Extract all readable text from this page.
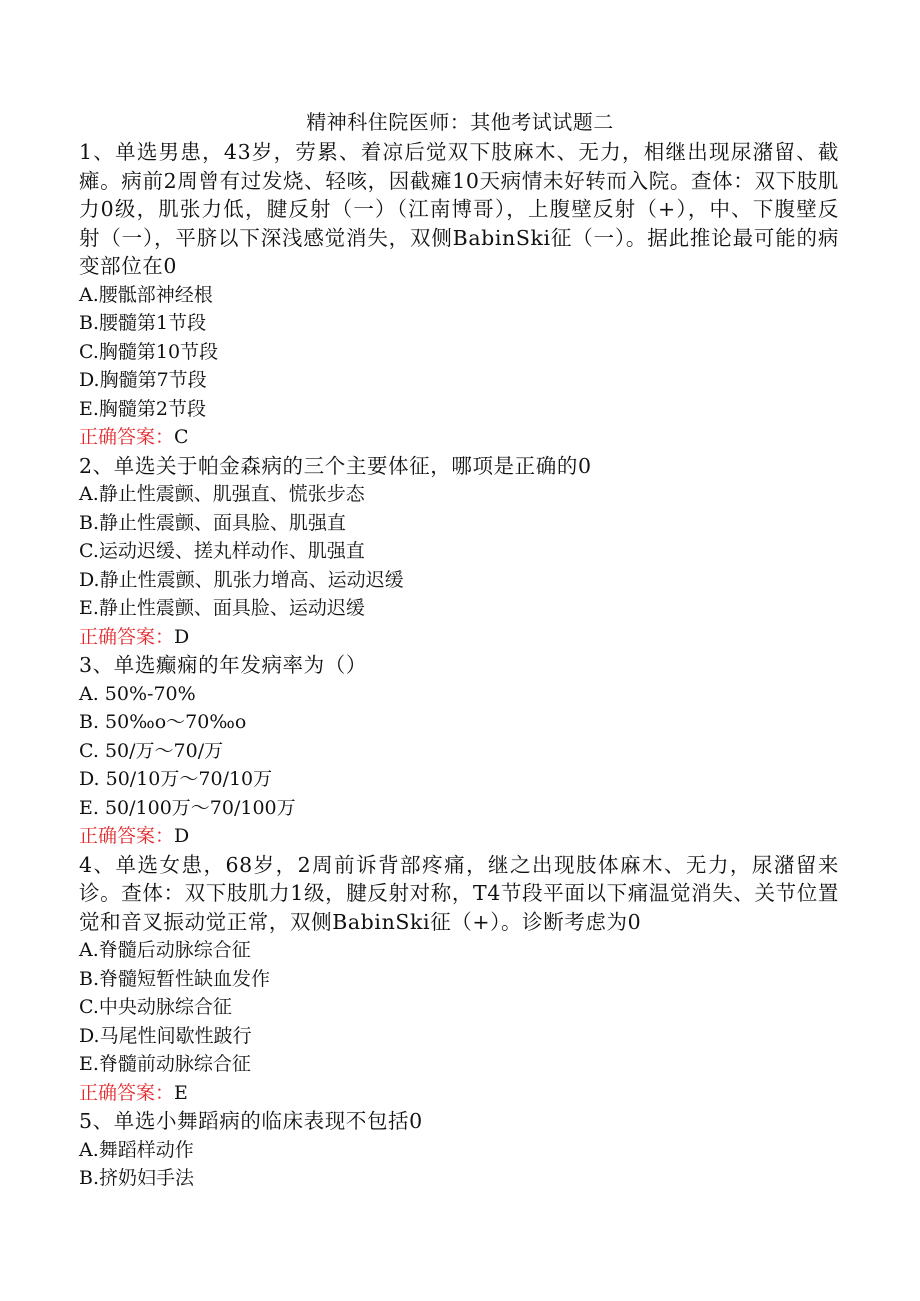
精神科住院医师：其他考试试题二
1、单选男患，43岁，劳累、着凉后觉双下肢麻木、无力，相继出现尿潴留、截瘫。病前2周曾有过发烧、轻咳，因截瘫10天病情未好转而入院。查体：双下肢肌力0级，肌张力低，腱反射（一）（江南博哥），上腹壁反射（+），中、下腹壁反射（一），平脐以下深浅感觉消失，双侧BabinSki征（一）。据此推论最可能的病变部位在0
A.腰骶部神经根
B.腰髓第1节段
C.胸髓第10节段
D.胸髓第7节段
E.胸髓第2节段
正确答案：C
2、单选关于帕金森病的三个主要体征，哪项是正确的0
A.静止性震颤、肌强直、慌张步态
B.静止性震颤、面具脸、肌强直
C.运动迟缓、搓丸样动作、肌强直
D.静止性震颤、肌张力增高、运动迟缓
E.静止性震颤、面具脸、运动迟缓
正确答案：D
3、单选癫痫的年发病率为（）
A. 50%-70%
B. 50‰o～70‰o
C. 50/万～70/万
D. 50/10万～70/10万
E. 50/100万～70/100万
正确答案：D
4、单选女患，68岁，2周前诉背部疼痛，继之出现肢体麻木、无力，尿潴留来诊。查体：双下肢肌力1级，腱反射对称，T4节段平面以下痛温觉消失、关节位置觉和音叉振动觉正常，双侧BabinSki征（+）。诊断考虑为0
A.脊髓后动脉综合征
B.脊髓短暂性缺血发作
C.中央动脉综合征
D.马尾性间歇性跛行
E.脊髓前动脉综合征
正确答案：E
5、单选小舞蹈病的临床表现不包括0
A.舞蹈样动作
B.挤奶妇手法
